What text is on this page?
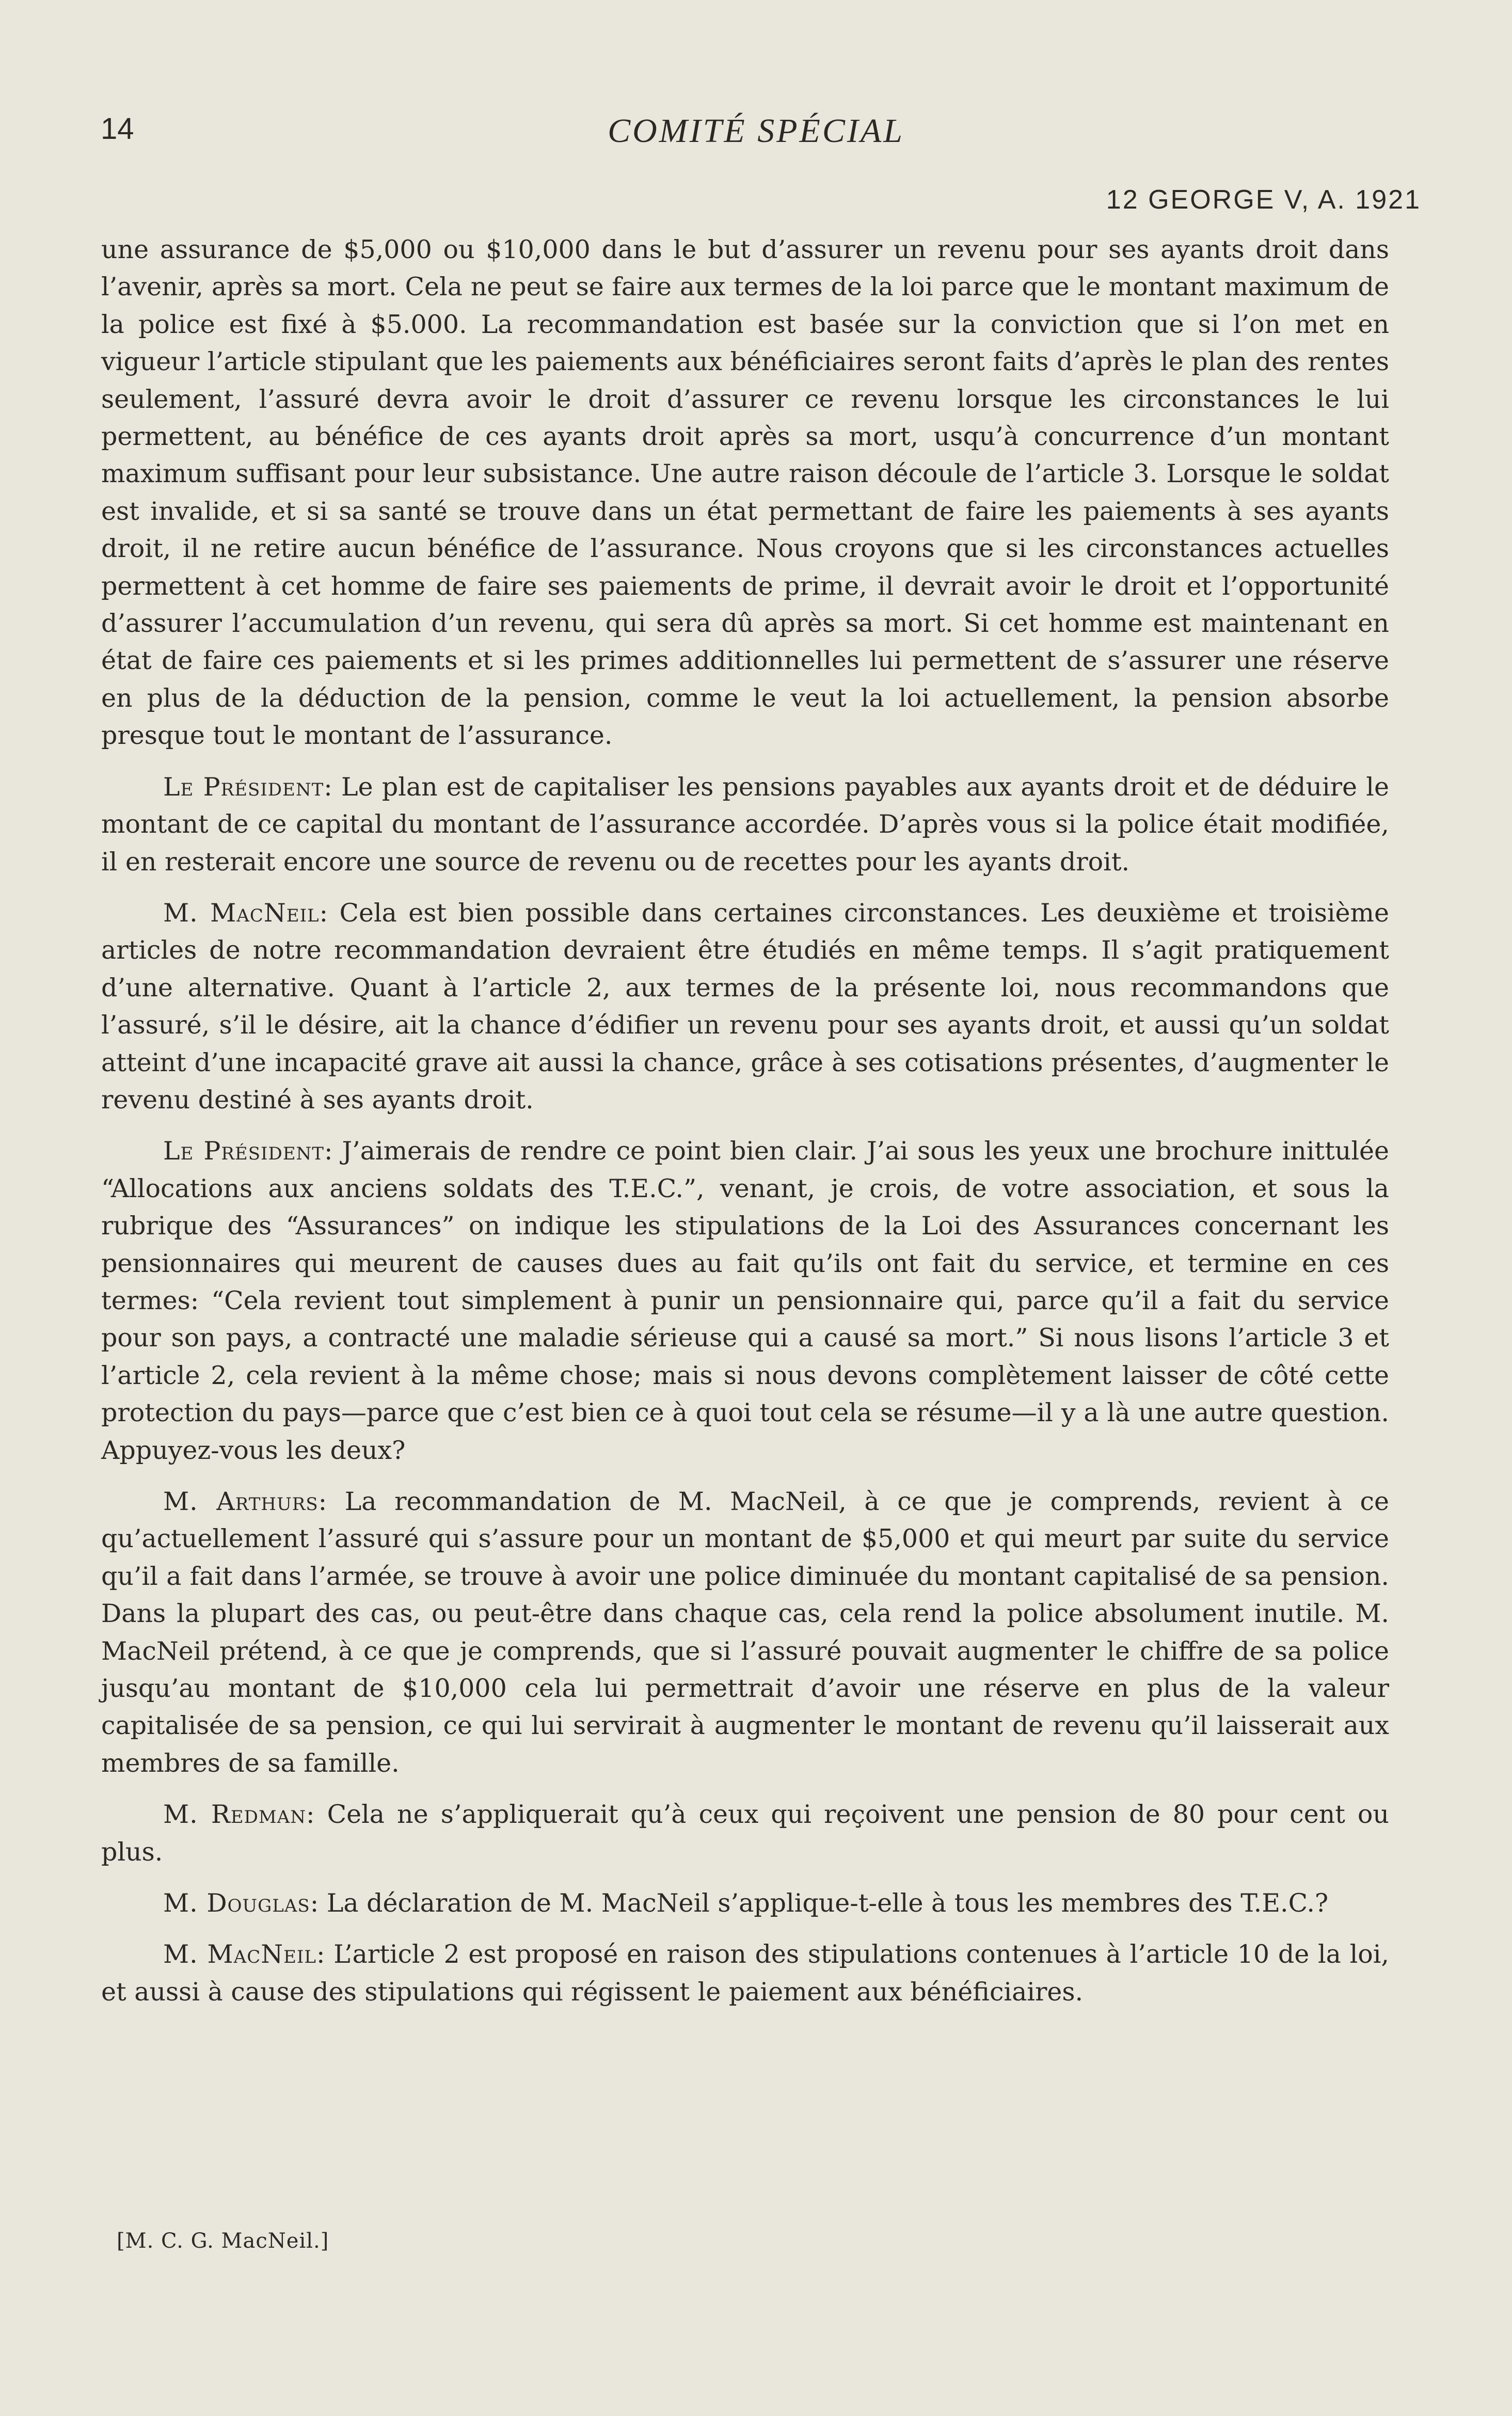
14	COMITÉ SPÉCIAL
12 GEORGE V, A. 1921

une assurance de $5,000 ou $10,000 dans le but d’assurer un revenu pour ses ayants droit dans l’avenir, après sa mort. Cela ne peut se faire aux termes de la loi parce que le montant maximum de la police est fixé à $5.000. La recommandation est basée sur la conviction que si l’on met en vigueur l’article stipulant que les paiements aux bénéficiaires seront faits d’après le plan des rentes seulement, l’assuré devra avoir le droit d’assurer ce revenu lorsque les circonstances le lui permettent, au bénéfice de ces ayants droit après sa mort, usqu’à concurrence d’un montant maximum suffisant pour leur subsistance. Une autre raison découle de l’article 3. Lorsque le soldat est invalide, et si sa santé se trouve dans un état permettant de faire les paiements à ses ayants droit, il ne retire aucun bénéfice de l’assurance. Nous croyons que si les circonstances actuelles permettent à cet homme de faire ses paiements de prime, il devrait avoir le droit et l’opportunité d’assurer l’accumulation d’un revenu, qui sera dû après sa mort. Si cet homme est maintenant en état de faire ces paiements et si les primes additionnelles lui permettent de s’assurer une réserve en plus de la déduction de la pension, comme le veut la loi actuellement, la pension absorbe presque tout le montant de l’assurance.

Le Président: Le plan est de capitaliser les pensions payables aux ayants droit et de déduire le montant de ce capital du montant de l’assurance accordée. D’après vous si la police était modifiée, il en resterait encore une source de revenu ou de recettes pour les ayants droit.

M. MacNeil: Cela est bien possible dans certaines circonstances. Les deuxième et troisième articles de notre recommandation devraient être étudiés en même temps. Il s’agit pratiquement d’une alternative. Quant à l’article 2, aux termes de la présente loi, nous recommandons que l’assuré, s’il le désire, ait la chance d’édifier un revenu pour ses ayants droit, et aussi qu’un soldat atteint d’une incapacité grave ait aussi la chance, grâce à ses cotisations présentes, d’augmenter le revenu destiné à ses ayants droit.

Le Président: J’aimerais de rendre ce point bien clair. J’ai sous les yeux une brochure inittulée “Allocations aux anciens soldats des T.E.C.”, venant, je crois, de votre association, et sous la rubrique des “Assurances” on indique les stipulations de la Loi des Assurances concernant les pensionnaires qui meurent de causes dues au fait qu’ils ont fait du service, et termine en ces termes: “Cela revient tout simplement à punir un pensionnaire qui, parce qu’il a fait du service pour son pays, a contracté une maladie sérieuse qui a causé sa mort.” Si nous lisons l’article 3 et l’article 2, cela revient à la même chose; mais si nous devons complètement laisser de côté cette protection du pays—parce que c’est bien ce à quoi tout cela se résume—il y a là une autre question. Appuyez-vous les deux?

M. Arthurs: La recommandation de M. MacNeil, à ce que je comprends, revient à ce qu’actuellement l’assuré qui s’assure pour un montant de $5,000 et qui meurt par suite du service qu’il a fait dans l’armée, se trouve à avoir une police diminuée du montant capitalisé de sa pension. Dans la plupart des cas, ou peut-être dans chaque cas, cela rend la police absolument inutile. M. MacNeil prétend, à ce que je comprends, que si l’assuré pouvait augmenter le chiffre de sa police jusqu’au montant de $10,000 cela lui permettrait d’avoir une réserve en plus de la valeur capitalisée de sa pension, ce qui lui servirait à augmenter le montant de revenu qu’il laisserait aux membres de sa famille.

M. Redman: Cela ne s’appliquerait qu’à ceux qui reçoivent une pension de 80 pour cent ou plus.

M. Douglas: La déclaration de M. MacNeil s’applique-t-elle à tous les membres des T.E.C.?

M. MacNeil: L’article 2 est proposé en raison des stipulations contenues à l’article 10 de la loi, et aussi à cause des stipulations qui régissent le paiement aux bénéficiaires.

[M. C. G. MacNeil.]
